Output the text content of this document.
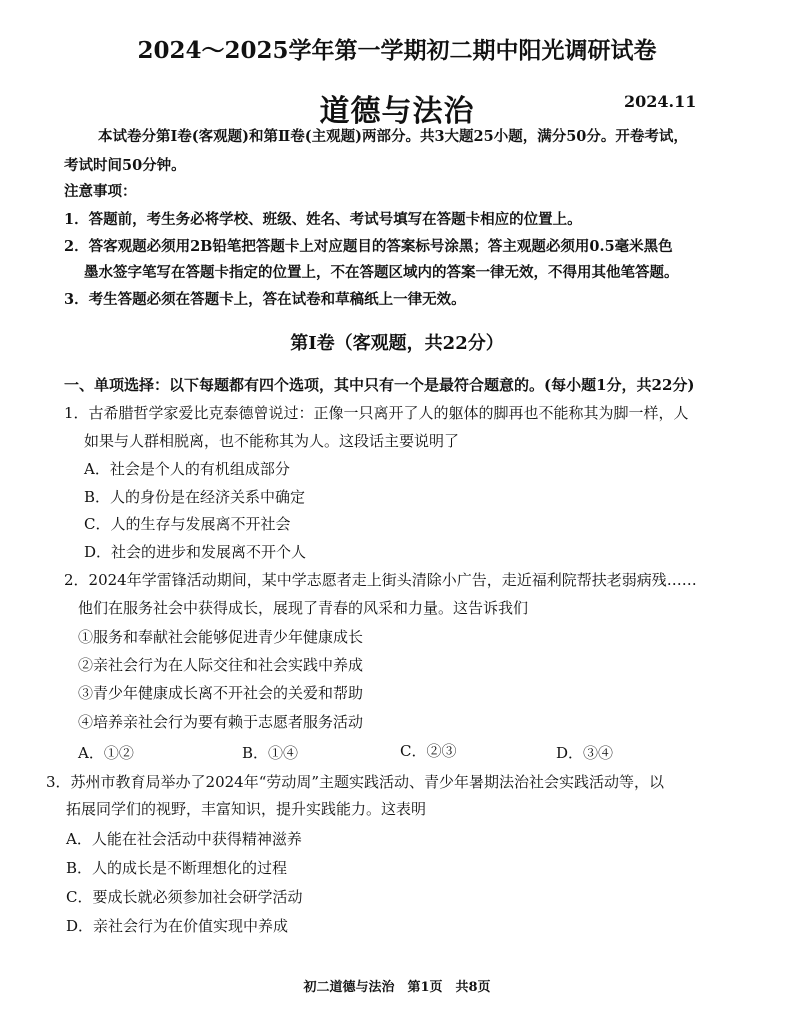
2024～2025学年第一学期初二期中阳光调研试卷
道德与法治	2024.11
本试卷分第Ⅰ卷(客观题)和第Ⅱ卷(主观题)两部分。共3大题25小题，满分50分。开卷考试，
考试时间50分钟。
注意事项：
1．答题前，考生务必将学校、班级、姓名、考试号填写在答题卡相应的位置上。
2．答客观题必须用2B铅笔把答题卡上对应题目的答案标号涂黑；答主观题必须用0.5毫米黑色
墨水签字笔写在答题卡指定的位置上，不在答题区域内的答案一律无效，不得用其他笔答题。
3．考生答题必须在答题卡上，答在试卷和草稿纸上一律无效。
第Ⅰ卷（客观题，共22分）
一、单项选择：以下每题都有四个选项，其中只有一个是最符合题意的。(每小题1分，共22分)
1．古希腊哲学家爱比克泰德曾说过：正像一只离开了人的躯体的脚再也不能称其为脚一样，人
如果与人群相脱离，也不能称其为人。这段话主要说明了
A．社会是个人的有机组成部分
B．人的身份是在经济关系中确定
C．人的生存与发展离不开社会
D．社会的进步和发展离不开个人
2．2024年学雷锋活动期间，某中学志愿者走上街头清除小广告，走近福利院帮扶老弱病残……
他们在服务社会中获得成长，展现了青春的风采和力量。这告诉我们
①服务和奉献社会能够促进青少年健康成长
②亲社会行为在人际交往和社会实践中养成
③青少年健康成长离不开社会的关爱和帮助
④培养亲社会行为要有赖于志愿者服务活动
A．①②	B．①④	C．②③	D．③④
3．苏州市教育局举办了2024年“劳动周”主题实践活动、青少年暑期法治社会实践活动等，以
拓展同学们的视野，丰富知识，提升实践能力。这表明
A．人能在社会活动中获得精神滋养
B．人的成长是不断理想化的过程
C．要成长就必须参加社会研学活动
D．亲社会行为在价值实现中养成
初二道德与法治　第1页　共8页
